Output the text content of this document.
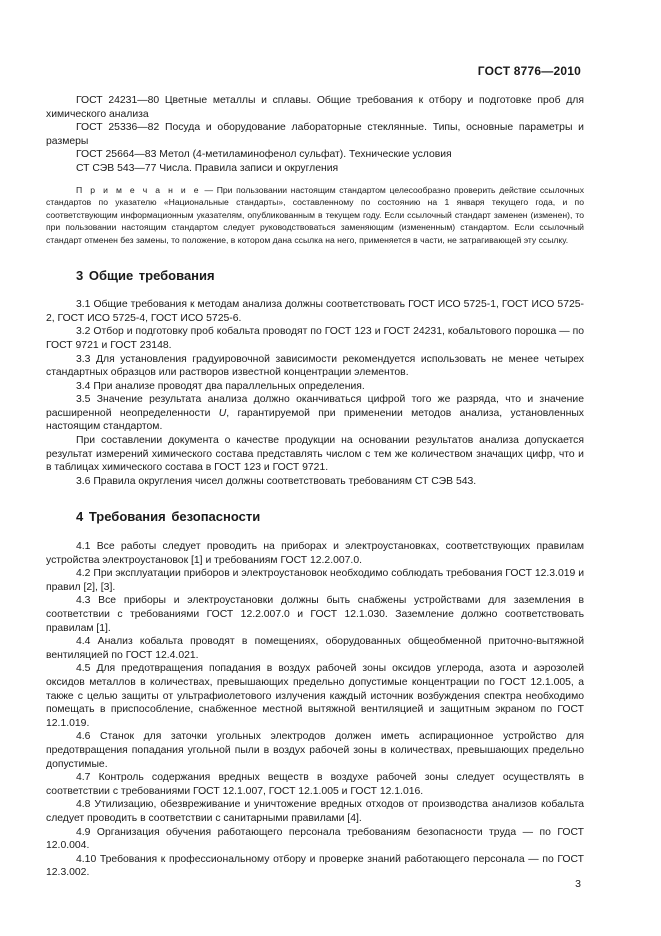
ГОСТ 8776—2010

ГОСТ 24231—80 Цветные металлы и сплавы. Общие требования к отбору и подготовке проб для химического анализа

ГОСТ 25336—82 Посуда и оборудование лабораторные стеклянные. Типы, основные параметры и размеры

ГОСТ 25664—83 Метол (4-метиламинофенол сульфат). Технические условия

СТ СЭВ 543—77 Числа. Правила записи и округления

П р и м е ч а н и е — При пользовании настоящим стандартом целесообразно проверить действие ссылочных стандартов по указателю «Национальные стандарты», составленному по состоянию на 1 января текущего года, и по соответствующим информационным указателям, опубликованным в текущем году. Если ссылочный стандарт заменен (изменен), то при пользовании настоящим стандартом следует руководствоваться заменяющим (измененным) стандартом. Если ссылочный стандарт отменен без замены, то положение, в котором дана ссылка на него, применяется в части, не затрагивающей эту ссылку.

3 Общие требования

3.1 Общие требования к методам анализа должны соответствовать ГОСТ ИСО 5725-1, ГОСТ ИСО 5725-2, ГОСТ ИСО 5725-4, ГОСТ ИСО 5725-6.

3.2 Отбор и подготовку проб кобальта проводят по ГОСТ 123 и ГОСТ 24231, кобальтового порошка — по ГОСТ 9721 и ГОСТ 23148.

3.3 Для установления градуировочной зависимости рекомендуется использовать не менее четырех стандартных образцов или растворов известной концентрации элементов.

3.4 При анализе проводят два параллельных определения.

3.5 Значение результата анализа должно оканчиваться цифрой того же разряда, что и значение расширенной неопределенности U, гарантируемой при применении методов анализа, установленных настоящим стандартом.

При составлении документа о качестве продукции на основании результатов анализа допускается результат измерений химического состава представлять числом с тем же количеством значащих цифр, что и в таблицах химического состава в ГОСТ 123 и ГОСТ 9721.

3.6 Правила округления чисел должны соответствовать требованиям СТ СЭВ 543.

4 Требования безопасности

4.1 Все работы следует проводить на приборах и электроустановках, соответствующих правилам устройства электроустановок [1] и требованиям ГОСТ 12.2.007.0.

4.2 При эксплуатации приборов и электроустановок необходимо соблюдать требования ГОСТ 12.3.019 и правил [2], [3].

4.3 Все приборы и электроустановки должны быть снабжены устройствами для заземления в соответствии с требованиями ГОСТ 12.2.007.0 и ГОСТ 12.1.030. Заземление должно соответствовать правилам [1].

4.4 Анализ кобальта проводят в помещениях, оборудованных общеобменной приточно-вытяжной вентиляцией по ГОСТ 12.4.021.

4.5 Для предотвращения попадания в воздух рабочей зоны оксидов углерода, азота и аэрозолей оксидов металлов в количествах, превышающих предельно допустимые концентрации по ГОСТ 12.1.005, а также с целью защиты от ультрафиолетового излучения каждый источник возбуждения спектра необходимо помещать в приспособление, снабженное местной вытяжной вентиляцией и защитным экраном по ГОСТ 12.1.019.

4.6 Станок для заточки угольных электродов должен иметь аспирационное устройство для предотвращения попадания угольной пыли в воздух рабочей зоны в количествах, превышающих предельно допустимые.

4.7 Контроль содержания вредных веществ в воздухе рабочей зоны следует осуществлять в соответствии с требованиями ГОСТ 12.1.007, ГОСТ 12.1.005 и ГОСТ 12.1.016.

4.8 Утилизацию, обезвреживание и уничтожение вредных отходов от производства анализов кобальта следует проводить в соответствии с санитарными правилами [4].

4.9 Организация обучения работающего персонала требованиям безопасности труда — по ГОСТ 12.0.004.

4.10 Требования к профессиональному отбору и проверке знаний работающего персонала — по ГОСТ 12.3.002.

3
